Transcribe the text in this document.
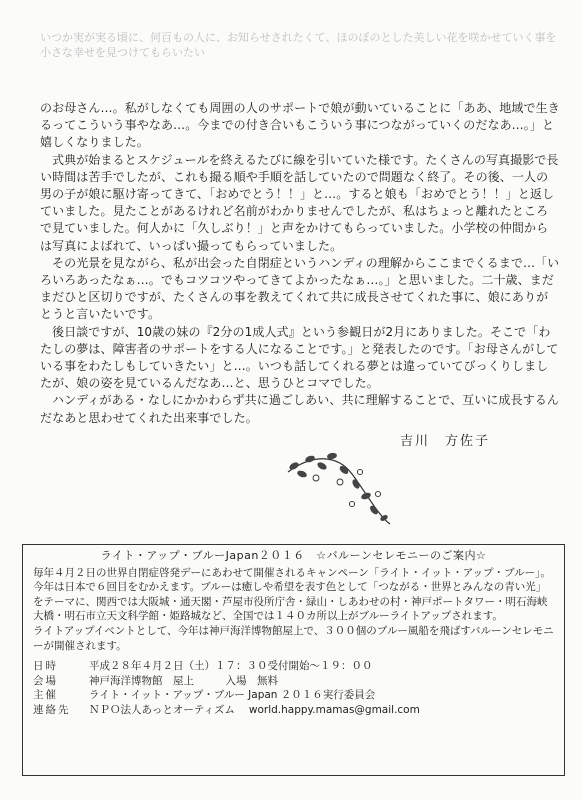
いつか実が実る頃に、何百もの人に、お知らせされたくて、ほのぼのとした美しい花を咲かせていく事を
小さな幸せを見つけてもらいたい

のお母さん…。私がしなくても周囲の人のサポートで娘が動いていることに「ああ、地域で生きるってこういう事やなあ…。今までの付き合いもこういう事につながっていくのだなあ…。」と嬉しくなりました。

式典が始まるとスケジュールを終えるたびに線を引いていた様です。たくさんの写真撮影で長い時間は苦手でしたが、これも撮る順や手順を話していたので問題なく終了。その後、一人の男の子が娘に駆け寄ってきて、「おめでとう！！」と…。すると娘も「おめでとう！！」と返していました。見たことがあるけれど名前がわかりませんでしたが、私はちょっと離れたところで見ていました。何人かに「久しぶり！」と声をかけてもらっていました。小学校の仲間からは写真によばれて、いっぱい撮ってもらっていました。

その光景を見ながら、私が出会った自閉症というハンディの理解からここまでくるまで…「いろいろあったなぁ…。でもコツコツやってきてよかったなぁ…。」と思いました。二十歳、まだまだひと区切りですが、たくさんの事を教えてくれて共に成長させてくれた事に、娘にありがとうと言いたいです。

後日談ですが、10歳の妹の『2分の1成人式』という参観日が2月にありました。そこで「わたしの夢は、障害者のサポートをする人になることです。」と発表したのです。「お母さんがしている事をわたしもしていきたい」と…。いつも話してくれる夢とは違っていてびっくりしましたが、娘の姿を見ているんだなあ…と、思うひとコマでした。

ハンディがある・なしにかかわらず共に過ごしあい、共に理解することで、互いに成長するんだなあと思わせてくれた出来事でした。

吉川　方佐子
ライト・アップ・ブルーJapan２０１６　☆バルーンセレモニーのご案内☆

毎年４月２日の世界自閉症啓発デーにあわせて開催されるキャンペーン「ライト・イット・アップ・ブルー」。今年は日本で６回目をむかえます。ブルーは癒しや希望を表す色として「つながる・世界とみんなの青い光」をテーマに、関西では大阪城・通天閣・芦屋市役所庁舎・緑山・しあわせの村・神戸ポートタワー・明石海峡大橋・明石市立天文科学館・姫路城など、全国では１４０カ所以上がブルーライトアップされます。

ライトアップイベントとして、今年は神戸海洋博物館屋上で、３００個のブルー風船を飛ばすバルーンセレモニーが開催されます。

日時	平成２８年４月２日（土）１７：３０受付開始～１９：００
会場	神戸海洋博物館　屋上　　　入場　無料
主催	ライト・イット・アップ・ブルー Japan ２０１６実行委員会
連絡先	ＮＰＯ法人あっとオーティズム　 world.happy.mamas@gmail.com
